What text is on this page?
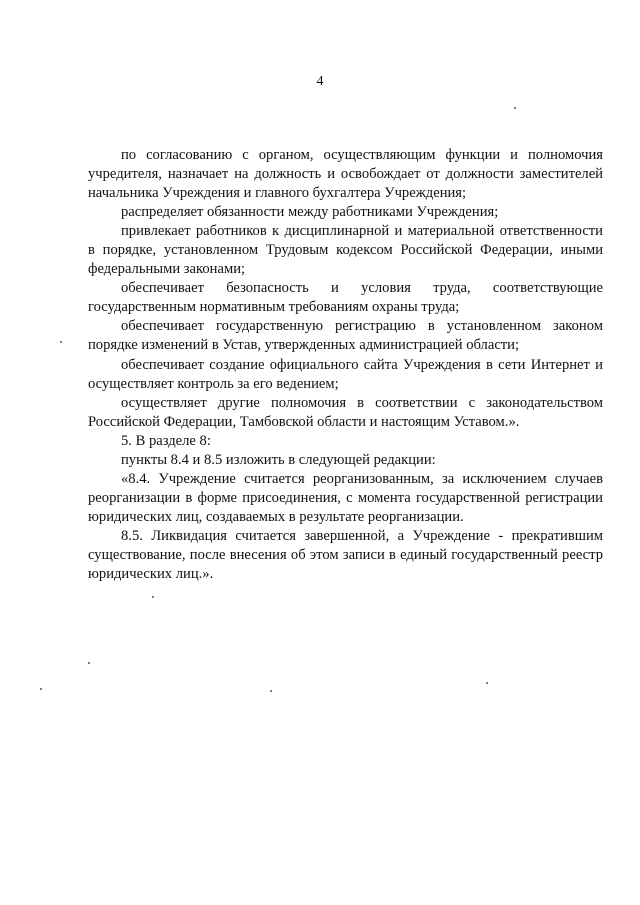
4

по согласованию с органом, осуществляющим функции и полномочия учредителя, назначает на должность и освобождает от должности заместителей начальника Учреждения и главного бухгалтера Учреждения;

распределяет обязанности между работниками Учреждения;

привлекает работников к дисциплинарной и материальной ответственности в порядке, установленном Трудовым кодексом Российской Федерации, иными федеральными законами;

обеспечивает безопасность и условия труда, соответствующие государственным нормативным требованиям охраны труда;

обеспечивает государственную регистрацию в установленном законом порядке изменений в Устав, утвержденных администрацией области;

обеспечивает создание официального сайта Учреждения в сети Интернет и осуществляет контроль за его ведением;

осуществляет другие полномочия в соответствии с законодательством Российской Федерации, Тамбовской области и настоящим Уставом.».

5. В разделе 8:

пункты 8.4 и 8.5 изложить в следующей редакции:

«8.4. Учреждение считается реорганизованным, за исключением случаев реорганизации в форме присоединения, с момента государственной регистрации юридических лиц, создаваемых в результате реорганизации.

8.5. Ликвидация считается завершенной, а Учреждение - прекратившим существование, после внесения об этом записи в единый государственный реестр юридических лиц.».
